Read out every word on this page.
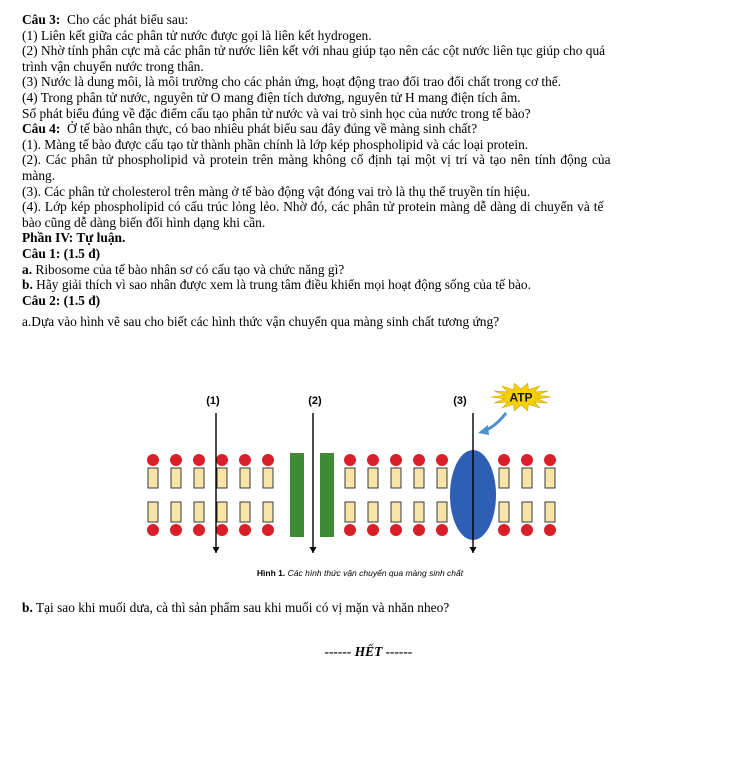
Câu 3: Cho các phát biểu sau:
(1) Liên kết giữa các phân tử nước được gọi là liên kết hydrogen.
(2) Nhờ tính phân cực mà các phân tử nước liên kết với nhau giúp tạo nên các cột nước liên tục giúp cho quá
trình vận chuyển nước trong thân.
(3) Nước là dung môi, là môi trường cho các phản ứng, hoạt động trao đổi trao đổi chất trong cơ thể.
(4) Trong phân tử nước, nguyên tử O mang điện tích dương, nguyên tử H mang điện tích âm.
Số phát biểu đúng về đặc điểm cấu tạo phân tử nước và vai trò sinh học của nước trong tế bào?
Câu 4: Ở tế bào nhân thực, có bao nhiêu phát biểu sau đây đúng về màng sinh chất?
(1). Màng tế bào được cấu tạo từ thành phần chính là lớp kép phospholipid và các loại protein.
(2). Các phân tử phospholipid và protein trên màng không cố định tại một vị trí và tạo nên tính động của
màng.
(3). Các phân tử cholesterol trên màng ở tế bào động vật đóng vai trò là thụ thể truyền tín hiệu.
(4). Lớp kép phospholipid có cấu trúc lỏng lẻo. Nhờ đó, các phân tử protein màng dễ dàng di chuyển và tế
bào cũng dễ dàng biến đổi hình dạng khi cần.
Phần IV: Tự luận.
Câu 1: (1.5 đ)
a. Ribosome của tế bào nhân sơ có cấu tạo và chức năng gì?
b. Hãy giải thích vì sao nhân được xem là trung tâm điều khiển mọi hoạt động sống của tế bào.
Câu 2: (1.5 đ)
a.Dựa vào hình vẽ sau cho biết các hình thức vận chuyển qua màng sinh chất tương ứng?
(1)	(2)	(3)	ATP
Hình 1. Các hình thức vận chuyển qua màng sinh chất
b. Tại sao khi muối dưa, cà thì sản phẩm sau khi muối có vị mặn và nhăn nheo?
------ HẾT ------
